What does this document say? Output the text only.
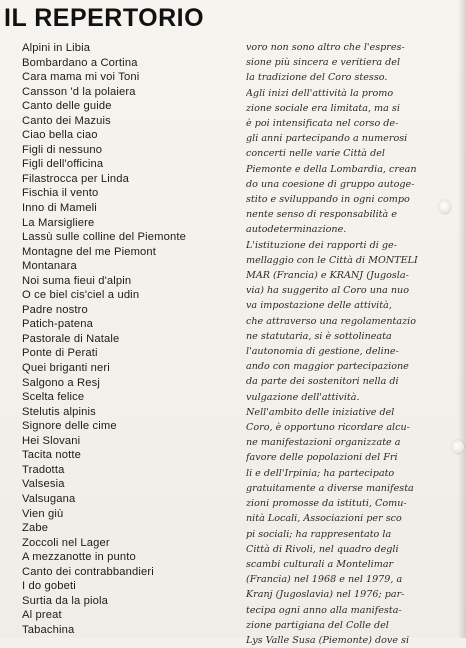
IL REPERTORIO
Alpini in Libia
Bombardano a Cortina
Cara mama mi voi Toni
Cansson 'd la polaiera
Canto delle guide
Canto dei Mazuis
Ciao bella ciao
Figli di nessuno
Figli dell'officina
Filastrocca per Linda
Fischia il vento
Inno di Mameli
La Marsigliere
Lassù sulle colline del Piemonte
Montagne del me Piemont
Montanara
Noi suma fieui d'alpin
O ce biel cis'ciel a udin
Padre nostro
Patich-patena
Pastorale di Natale
Ponte di Perati
Quei briganti neri
Salgono a Resj
Scelta felice
Stelutis alpinis
Signore delle cime
Hei Slovani
Tacita notte
Tradotta
Valsesia
Valsugana
Vien giù
Zabe
Zoccoli nel Lager
A mezzanotte in punto
Canto dei contrabbandieri
I do gobeti
Surtia da la piola
Al preat
Tabachina
voro non sono altro che l'espres-
sione più sincera e veritiera del
la tradizione del Coro stesso.
Agli inizi dell'attività la promo
zione sociale era limitata, ma si
è poi intensificata nel corso de-
gli anni partecipando a numerosi
concerti nelle varie Città del
Piemonte e della Lombardia, crean
do una coesione di gruppo autoge-
stito e sviluppando in ogni compo
nente senso di responsabilità e
autodeterminazione.
L'istituzione dei rapporti di ge-
mellaggio con le Città di MONTELI
MAR (Francia) e KRANJ (Jugosla-
via) ha suggerito al Coro una nuo
va impostazione delle attività,
che attraverso una regolamentazio
ne statutaria, si è sottolineata
l'autonomia di gestione, deline-
ando con maggior partecipazione
da parte dei sostenitori nella di
vulgazione dell'attività.
Nell'ambito delle iniziative del
Coro, è opportuno ricordare alcu-
ne manifestazioni organizzate a
favore delle popolazioni del Fri
li e dell'Irpinia; ha partecipato
gratuitamente a diverse manifesta
zioni promosse da istituti, Comu-
nità Locali, Associazioni per sco
pi sociali; ha rappresentato la
Città di Rivoli, nel quadro degli
scambi culturali a Montelimar
(Francia) nel 1968 e nel 1979, a
Kranj (Jugoslavia) nel 1976; par-
tecipa ogni anno alla manifesta-
zione partigiana del Colle del
Lys Valle Susa (Piemonte) dove si
